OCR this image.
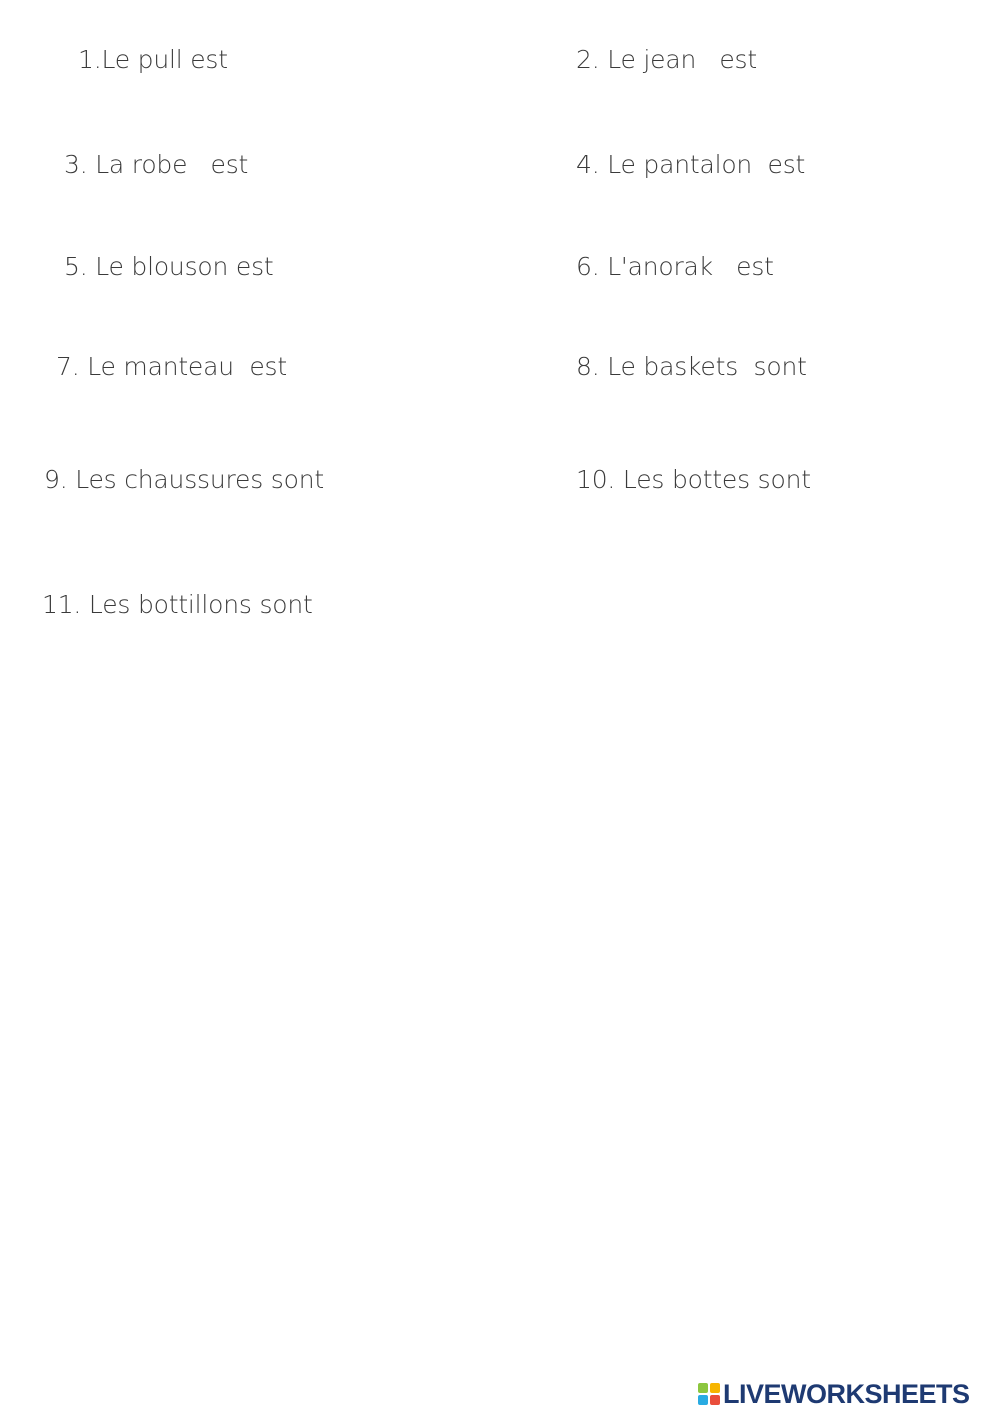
1.Le pull est	2. Le jean   est
3. La robe   est	4. Le pantalon  est
5. Le blouson est	6. L'anorak   est
7. Le manteau  est	8. Le baskets  sont
9. Les chaussures sont	10. Les bottes sont
11. Les bottillons sont
LIVEWORKSHEETS
